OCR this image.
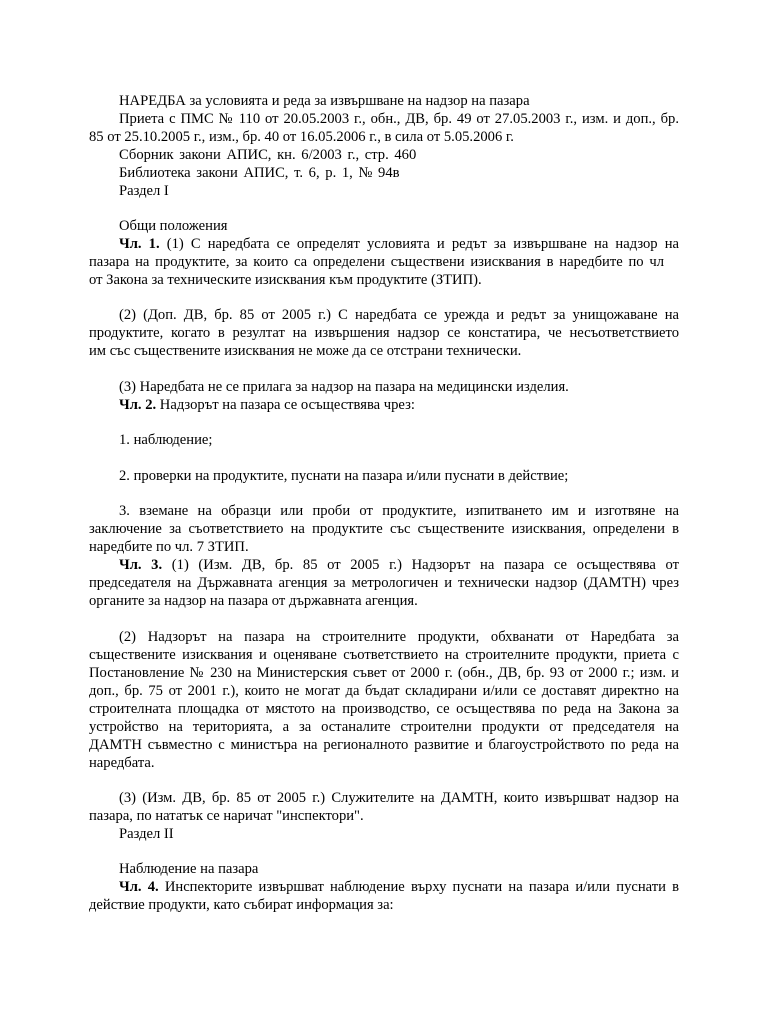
НАРЕДБА за условията и реда за извършване на надзор на пазара
Приета с ПМС № 110 от 20.05.2003 г., обн., ДВ, бр. 49 от 27.05.2003 г., изм. и доп., бр.
85 от 25.10.2005 г., изм., бр. 40 от 16.05.2006 г., в сила от 5.05.2006 г.
Сборник закони АПИС, кн. 6/2003 г., стр. 460
Библиотека закони АПИС, т. 6, р. 1, № 94в
Раздел I
Общи положения
Чл. 1. (1) С наредбата се определят условията и редът за извършване на надзор на
пазара на продуктите, за които са определени съществени изисквания в наредбите по чл
от Закона за техническите изисквания към продуктите (ЗТИП).
(2) (Доп. ДВ, бр. 85 от 2005 г.) С наредбата се урежда и редът за унищожаване на
продуктите, когато в резултат на извършения надзор се констатира, че несъответствието
им със съществените изисквания не може да се отстрани технически.
(3) Наредбата не се прилага за надзор на пазара на медицински изделия.
Чл. 2. Надзорът на пазара се осъществява чрез:
1. наблюдение;
2. проверки на продуктите, пуснати на пазара и/или пуснати в действие;
3. вземане на образци или проби от продуктите, изпитването им и изготвяне на
заключение за съответствието на продуктите със съществените изисквания, определени в
наредбите по чл. 7 ЗТИП.
Чл. 3. (1) (Изм. ДВ, бр. 85 от 2005 г.) Надзорът на пазара се осъществява от
председателя на Държавната агенция за метрологичен и технически надзор (ДАМТН) чрез
органите за надзор на пазара от държавната агенция.
(2) Надзорът на пазара на строителните продукти, обхванати от Наредбата за
съществените изисквания и оценяване съответствието на строителните продукти, приета с
Постановление № 230 на Министерския съвет от 2000 г. (обн., ДВ, бр. 93 от 2000 г.; изм. и
доп., бр. 75 от 2001 г.), които не могат да бъдат складирани и/или се доставят директно на
строителната площадка от мястото на производство, се осъществява по реда на Закона за
устройство на територията, а за останалите строителни продукти от председателя на
ДАМТН съвместно с министъра на регионалното развитие и благоустройството по реда на
наредбата.
(3) (Изм. ДВ, бр. 85 от 2005 г.) Служителите на ДАМТН, които извършват надзор на
пазара, по нататък се наричат "инспектори".
Раздел II
Наблюдение на пазара
Чл. 4. Инспекторите извършват наблюдение върху пуснати на пазара и/или пуснати в
действие продукти, като събират информация за:
